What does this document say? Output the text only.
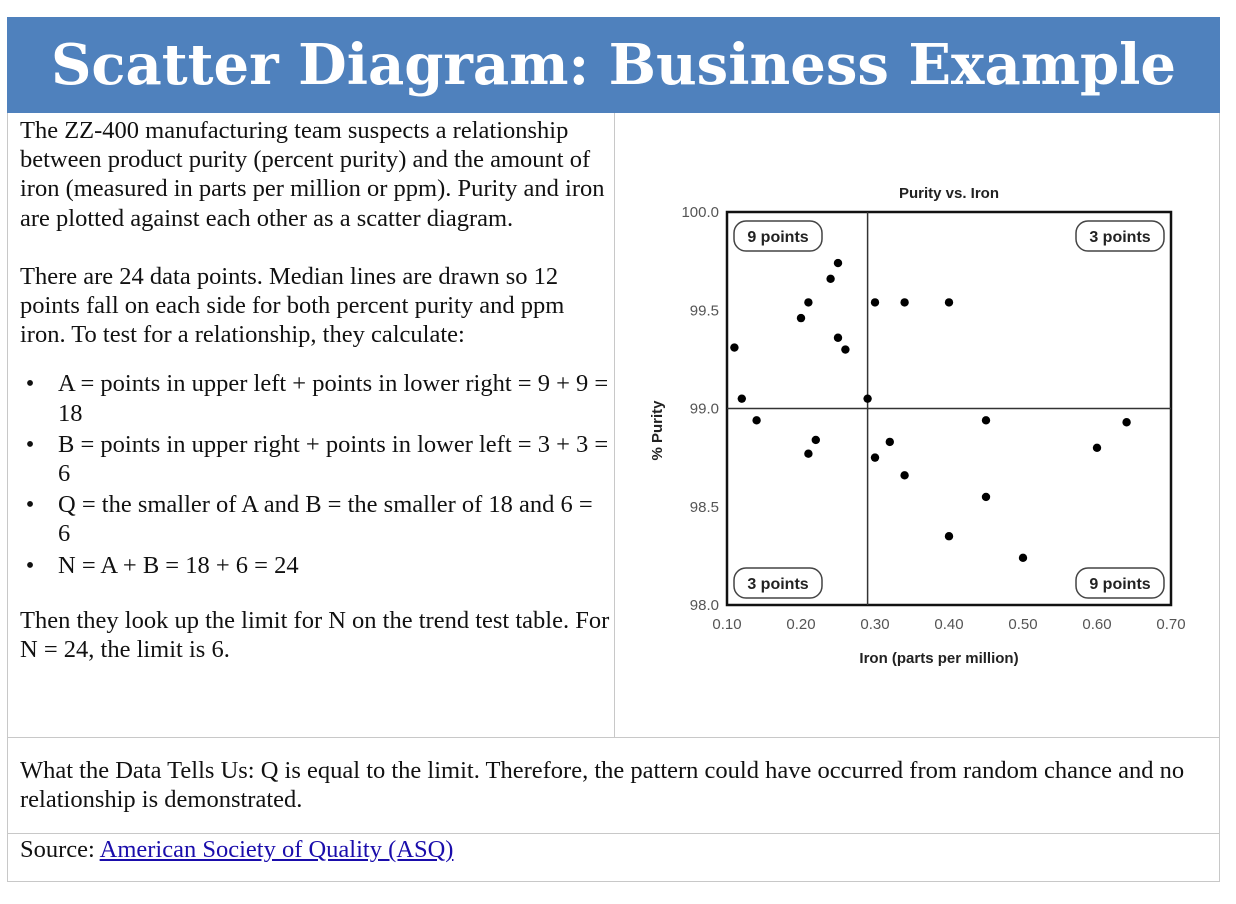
Scatter Diagram: Business Example

The ZZ-400 manufacturing team suspects a relationship between product purity (percent purity) and the amount of iron (measured in parts per million or ppm). Purity and iron are plotted against each other as a scatter diagram.

There are 24 data points. Median lines are drawn so 12 points fall on each side for both percent purity and ppm iron. To test for a relationship, they calculate:

• A = points in upper left + points in lower right = 9 + 9 = 18
• B = points in upper right + points in lower left = 3 + 3 = 6
• Q = the smaller of A and B = the smaller of 18 and 6 = 6
• N = A + B = 18 + 6 = 24

Then they look up the limit for N on the trend test table. For N = 24, the limit is 6.

Purity vs. Iron
98.0
98.5
99.0
99.5
100.0
0.10	0.20	0.30	0.40	0.50	0.60	0.70
Iron (parts per million)
% Purity
9 points	3 points
3 points	9 points
What the Data Tells Us: Q is equal to the limit. Therefore, the pattern could have occurred from random chance and no relationship is demonstrated.
Source: American Society of Quality (ASQ)
